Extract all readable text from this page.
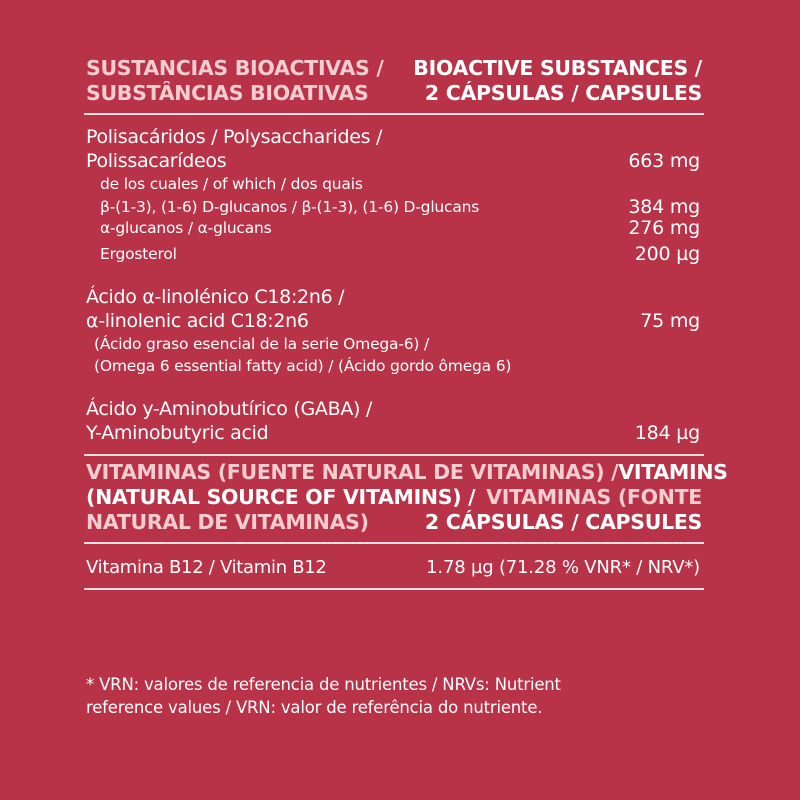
SUSTANCIAS BIOACTIVAS / BIOACTIVE SUBSTANCES /
SUBSTÂNCIAS BIOATIVAS	2 CÁPSULAS / CAPSULES
Polisacáridos / Polysaccharides /
Polissacarídeos	663 mg
de los cuales / of which / dos quais
β-(1-3), (1-6) D-glucanos / β-(1-3), (1-6) D-glucans	384 mg
α-glucanos / α-glucans	276 mg
Ergosterol	200 µg
Ácido α-linolénico C18:2n6 /
α-linolenic acid C18:2n6	75 mg
(Ácido graso esencial de la serie Omega-6) /
(Omega 6 essential fatty acid) / (Ácido gordo ômega 6)
Ácido y-Aminobutírico (GABA) /
Y-Aminobutyric acid	184 µg
VITAMINAS (FUENTE NATURAL DE VITAMINAS) / VITAMINS
(NATURAL SOURCE OF VITAMINS) / VITAMINAS (FONTE
NATURAL DE VITAMINAS)	2 CÁPSULAS / CAPSULES
Vitamina B12 / Vitamin B12	1.78 µg (71.28 % VNR* / NRV*)
* VRN: valores de referencia de nutrientes / NRVs: Nutrient
reference values / VRN: valor de referência do nutriente.
